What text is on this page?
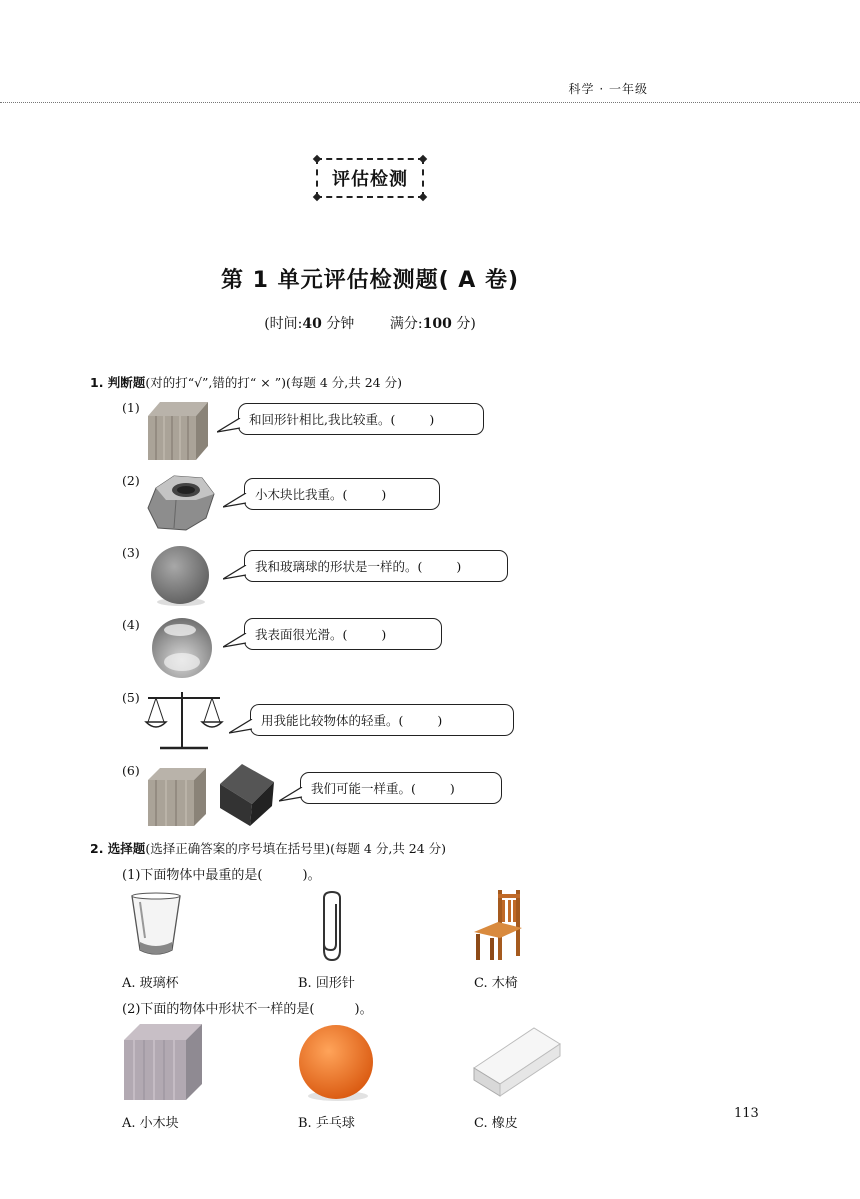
科学 · 一年级
评估检测
第 1 单元评估检测题( A 卷)
(时间:40 分钟	满分:100 分)
1. 判断题(对的打“√”,错的打“ × ”)(每题 4 分,共 24 分)
(1)
和回形针相比,我比较重。(	)
(2)
小木块比我重。(	)
(3)
我和玻璃球的形状是一样的。(	)
(4)
我表面很光滑。(	)
(5)
用我能比较物体的轻重。(	)
(6)
我们可能一样重。(	)
2. 选择题(选择正确答案的序号填在括号里)(每题 4 分,共 24 分)
(1)下面物体中最重的是(	)。
A. 玻璃杯	B. 回形针	C. 木椅
(2)下面的物体中形状不一样的是(	)。
A. 小木块	B. 乒乓球	C. 橡皮
113
